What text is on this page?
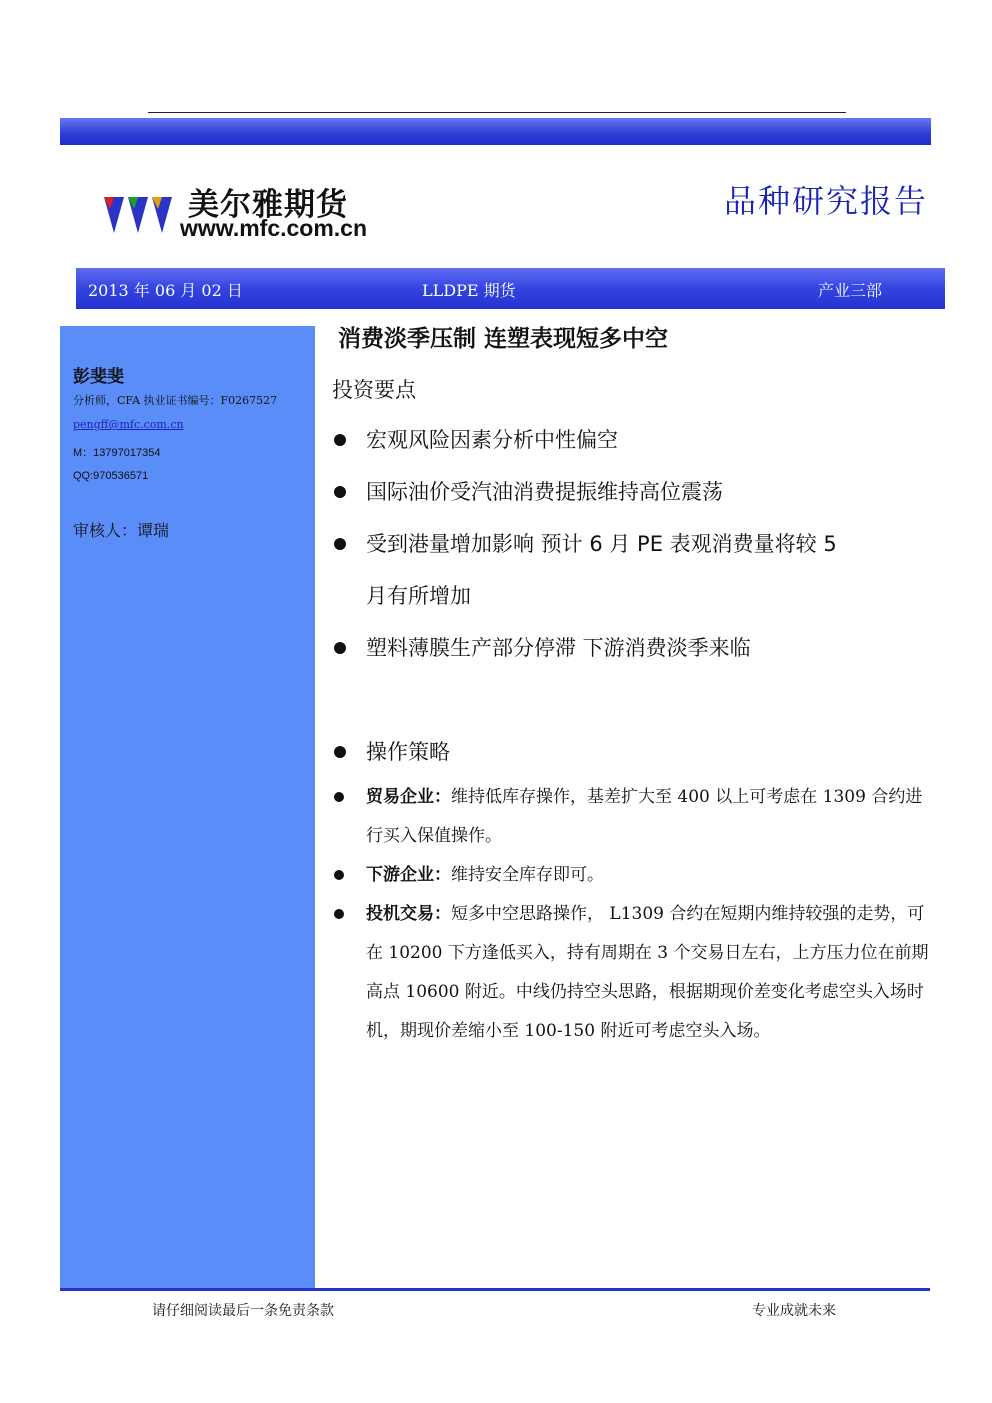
美尔雅期货
www.mfc.com.cn
品种研究报告
2013 年 06 月 02 日	LLDPE 期货	产业三部
彭斐斐
分析师，CFA 执业证书编号：F0267527
pengff@mfc.com.cn
M：13797017354
QQ:970536571
审核人：谭瑞
消费淡季压制 连塑表现短多中空
投资要点
宏观风险因素分析中性偏空
国际油价受汽油消费提振维持高位震荡
受到港量增加影响 预计 6 月 PE 表观消费量将较 5
月有所增加
塑料薄膜生产部分停滞 下游消费淡季来临
操作策略
贸易企业：维持低库存操作，基差扩大至 400 以上可考虑在 1309 合约进行买入保值操作。
下游企业：维持安全库存即可。
投机交易：短多中空思路操作， L1309 合约在短期内维持较强的走势，可在 10200 下方逢低买入，持有周期在 3 个交易日左右，上方压力位在前期高点 10600 附近。中线仍持空头思路，根据期现价差变化考虑空头入场时机，期现价差缩小至 100-150 附近可考虑空头入场。
请仔细阅读最后一条免责条款	专业成就未来
